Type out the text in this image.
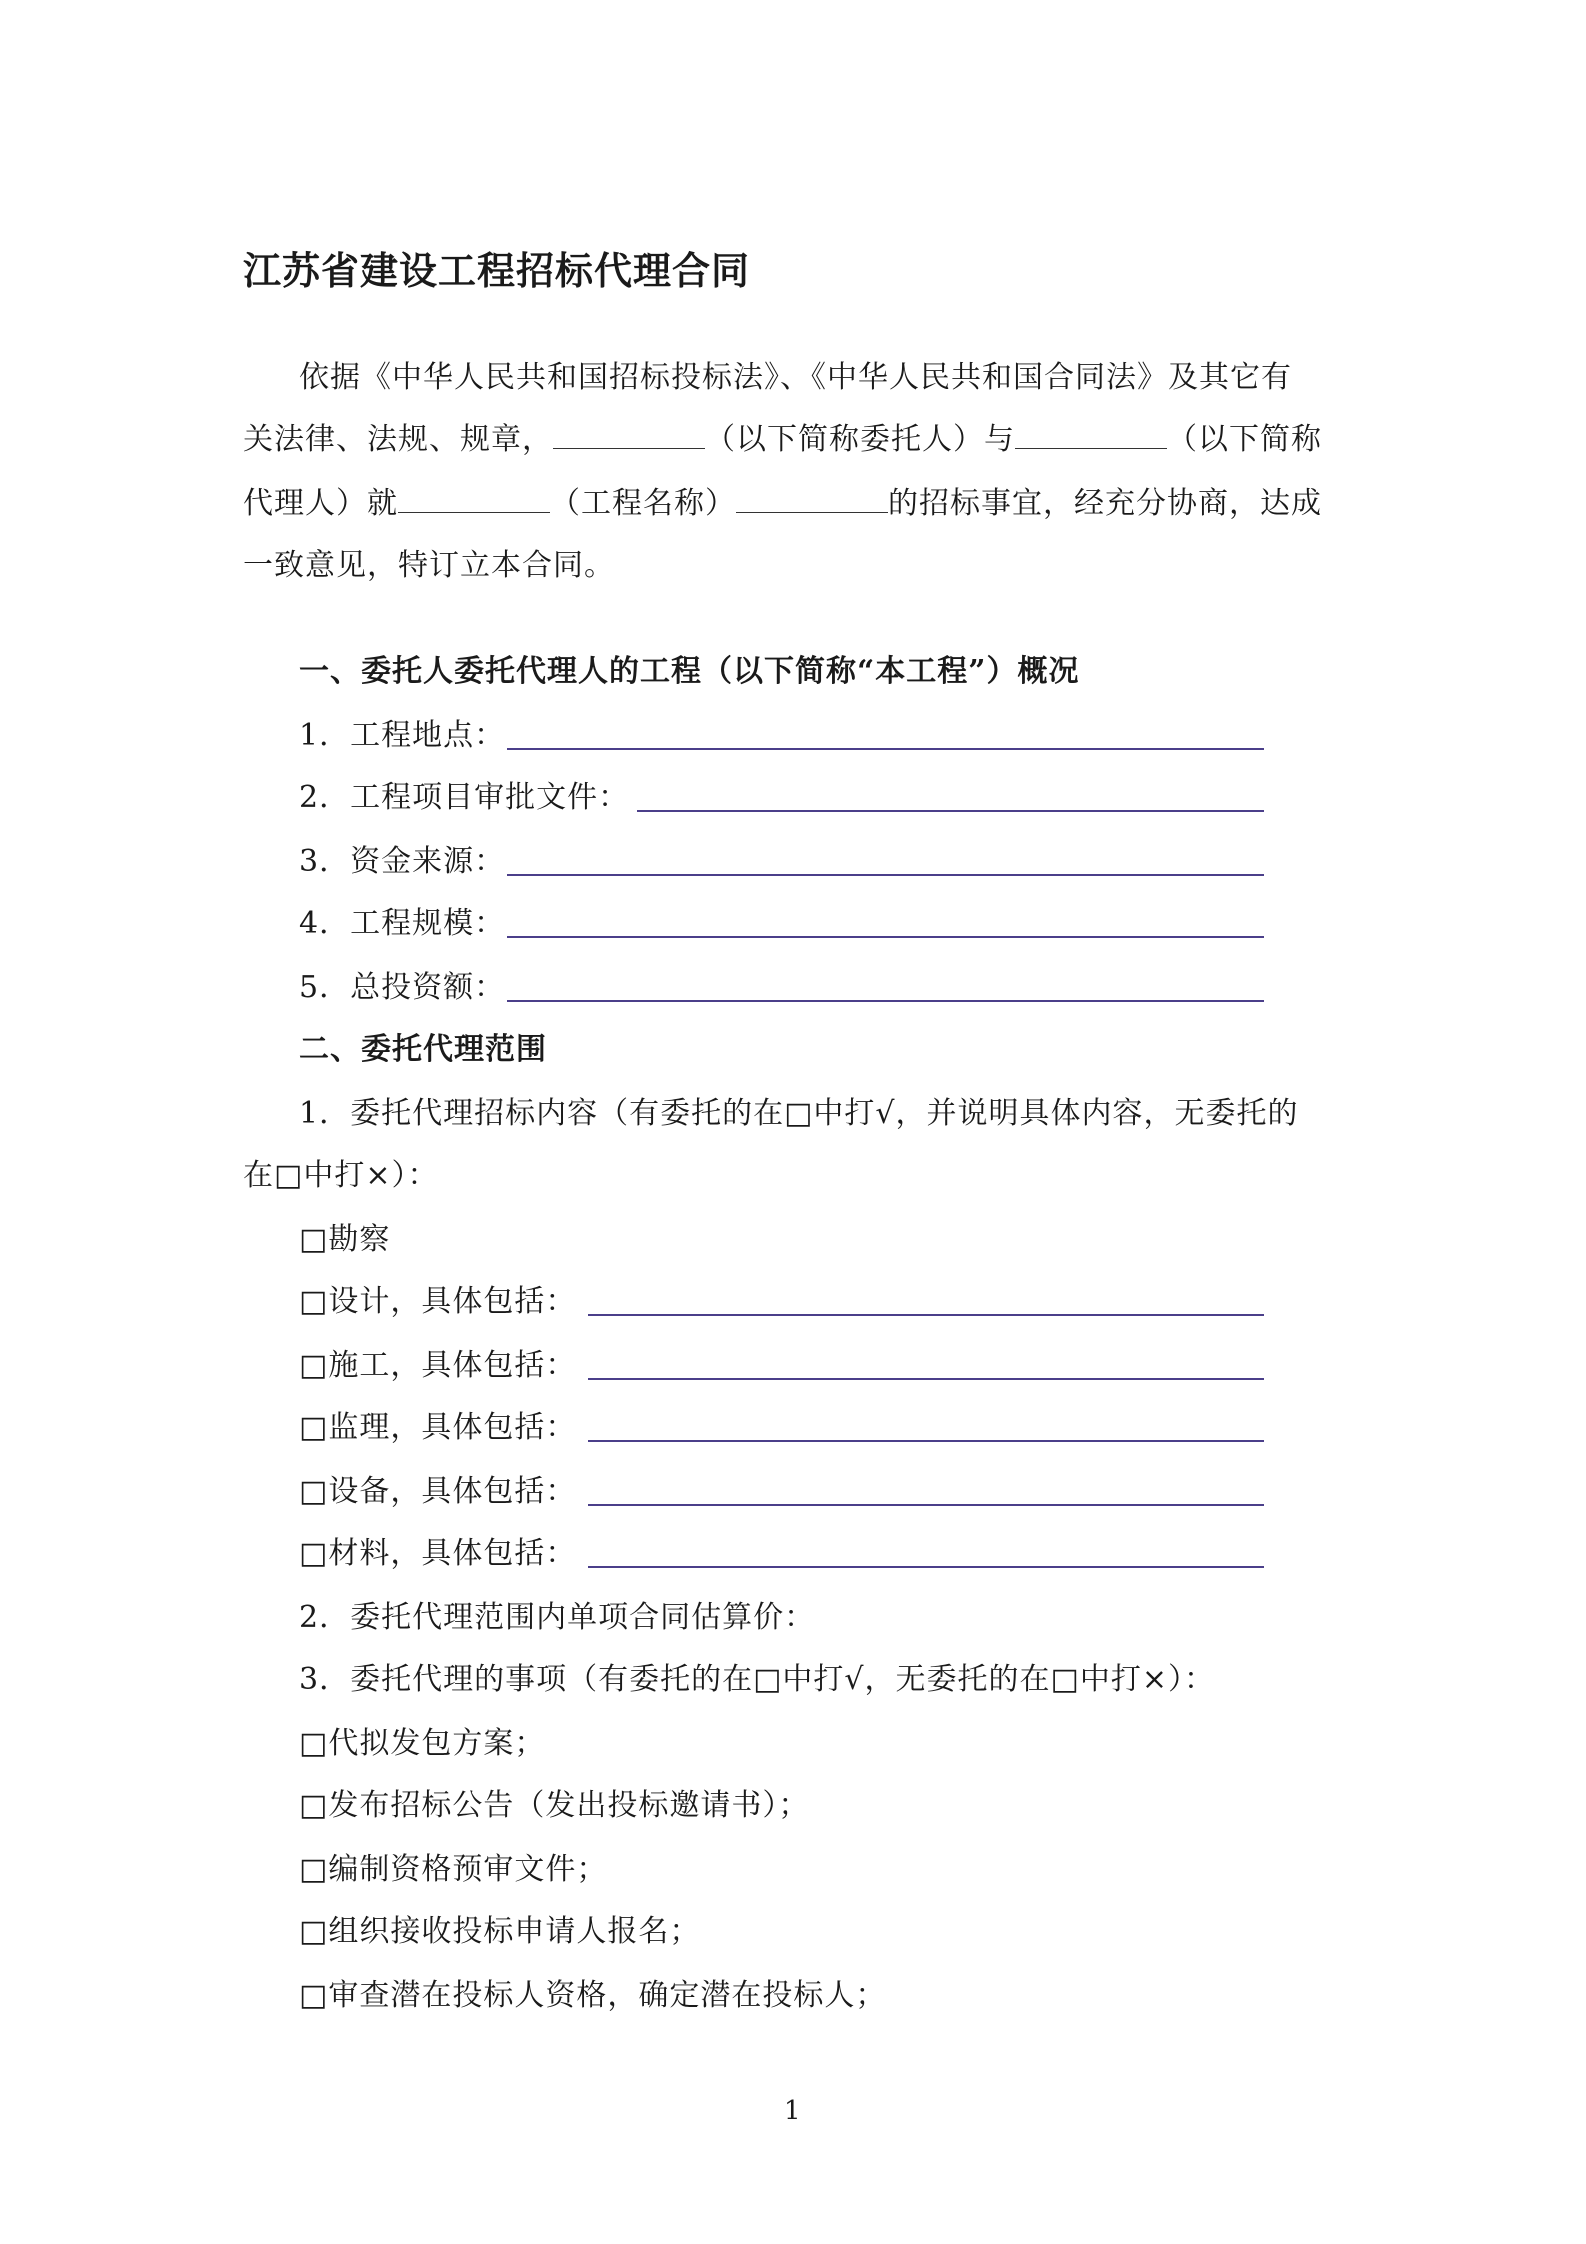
江苏省建设工程招标代理合同
依据《中华人民共和国招标投标法》、《中华人民共和国合同法》及其它有
关法律、法规、规章，	（以下简称委托人）与	（以下简称
代理人）就	（工程名称）	的招标事宜，经充分协商，达成
一致意见，特订立本合同。
一、委托人委托代理人的工程（以下简称“本工程”）概况
1．工程地点：
2．工程项目审批文件：
3．资金来源：
4．工程规模：
5．总投资额：
二、委托代理范围
1．委托代理招标内容（有委托的在□中打√，并说明具体内容，无委托的
在□中打×）：
□勘察
□设计，具体包括：
□施工，具体包括：
□监理，具体包括：
□设备，具体包括：
□材料，具体包括：
2．委托代理范围内单项合同估算价：
3．委托代理的事项（有委托的在□中打√，无委托的在□中打×）：
□代拟发包方案；
□发布招标公告（发出投标邀请书）；
□编制资格预审文件；
□组织接收投标申请人报名；
□审查潜在投标人资格，确定潜在投标人；
1
